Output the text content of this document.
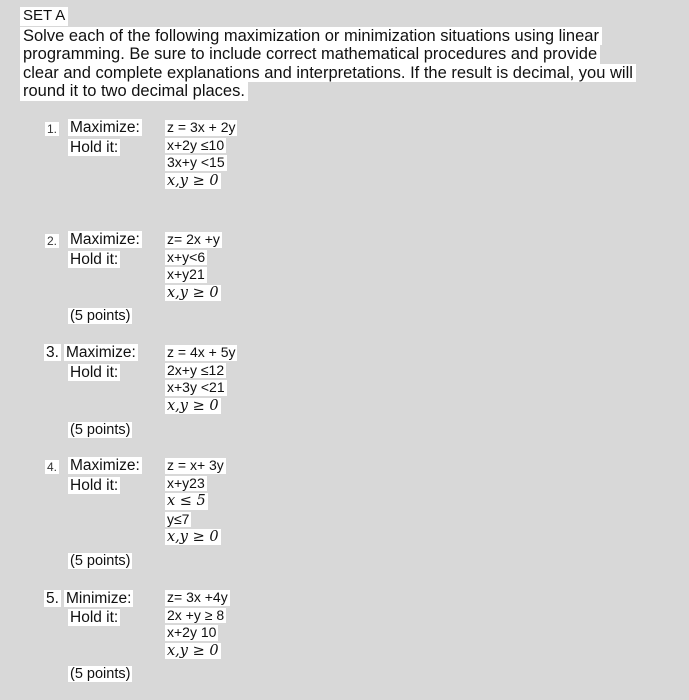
SET A
Solve each of the following maximization or minimization situations using linear
programming. Be sure to include correct mathematical procedures and provide
clear and complete explanations and interpretations. If the result is decimal, you will
round it to two decimal places.
1. Maximize:
Hold it:
z = 3x + 2y
x+2y ≤10
3x+y <15
x,y ≥ 0
2. Maximize:
Hold it:
z= 2x +y
x+y<6
x+y21
x,y ≥ 0
(5 points)
3. Maximize:
Hold it:
z = 4x + 5y
2x+y ≤12
x+3y <21
x,y ≥ 0
(5 points)
4. Maximize:
Hold it:
z = x+ 3y
x+y23
x ≤ 5
y≤7
x,y ≥ 0
(5 points)
5. Minimize:
Hold it:
z= 3x +4y
2x +y ≥ 8
x+2y 10
x,y ≥ 0
(5 points)
